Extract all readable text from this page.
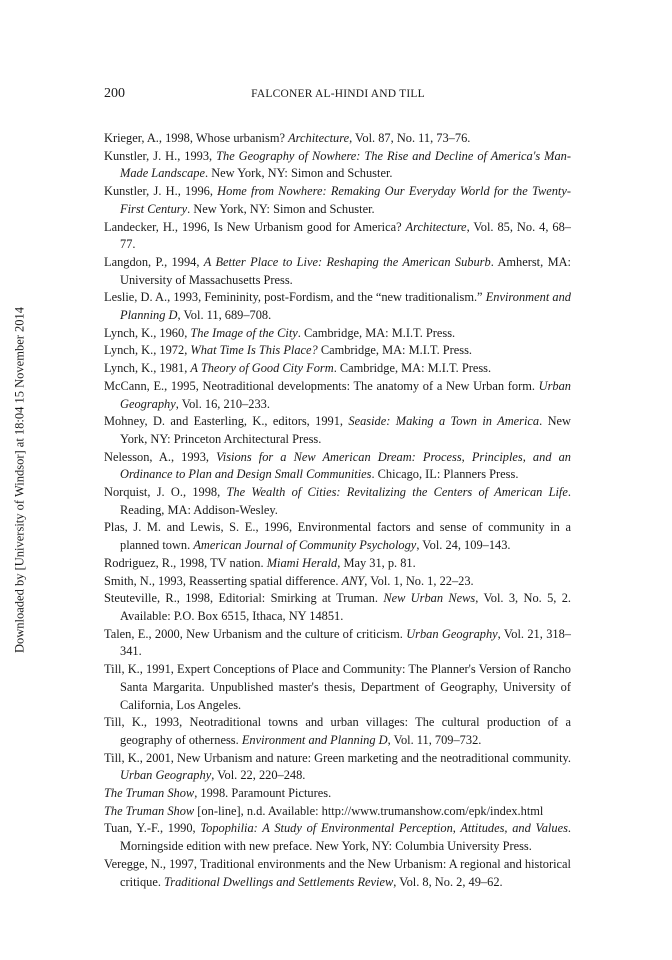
Downloaded by [University of Windsor] at 18:04 15 November 2014
200	FALCONER AL-HINDI AND TILL
Krieger, A., 1998, Whose urbanism? Architecture, Vol. 87, No. 11, 73–76.
Kunstler, J. H., 1993, The Geography of Nowhere: The Rise and Decline of America's Man-Made Landscape. New York, NY: Simon and Schuster.
Kunstler, J. H., 1996, Home from Nowhere: Remaking Our Everyday World for the Twenty-First Century. New York, NY: Simon and Schuster.
Landecker, H., 1996, Is New Urbanism good for America? Architecture, Vol. 85, No. 4, 68–77.
Langdon, P., 1994, A Better Place to Live: Reshaping the American Suburb. Amherst, MA: University of Massachusetts Press.
Leslie, D. A., 1993, Femininity, post-Fordism, and the “new traditionalism.” Environment and Planning D, Vol. 11, 689–708.
Lynch, K., 1960, The Image of the City. Cambridge, MA: M.I.T. Press.
Lynch, K., 1972, What Time Is This Place? Cambridge, MA: M.I.T. Press.
Lynch, K., 1981, A Theory of Good City Form. Cambridge, MA: M.I.T. Press.
McCann, E., 1995, Neotraditional developments: The anatomy of a New Urban form. Urban Geography, Vol. 16, 210–233.
Mohney, D. and Easterling, K., editors, 1991, Seaside: Making a Town in America. New York, NY: Princeton Architectural Press.
Nelesson, A., 1993, Visions for a New American Dream: Process, Principles, and an Ordinance to Plan and Design Small Communities. Chicago, IL: Planners Press.
Norquist, J. O., 1998, The Wealth of Cities: Revitalizing the Centers of American Life. Reading, MA: Addison-Wesley.
Plas, J. M. and Lewis, S. E., 1996, Environmental factors and sense of community in a planned town. American Journal of Community Psychology, Vol. 24, 109–143.
Rodriguez, R., 1998, TV nation. Miami Herald, May 31, p. 81.
Smith, N., 1993, Reasserting spatial difference. ANY, Vol. 1, No. 1, 22–23.
Steuteville, R., 1998, Editorial: Smirking at Truman. New Urban News, Vol. 3, No. 5, 2. Available: P.O. Box 6515, Ithaca, NY 14851.
Talen, E., 2000, New Urbanism and the culture of criticism. Urban Geography, Vol. 21, 318–341.
Till, K., 1991, Expert Conceptions of Place and Community: The Planner's Version of Rancho Santa Margarita. Unpublished master's thesis, Department of Geography, University of California, Los Angeles.
Till, K., 1993, Neotraditional towns and urban villages: The cultural production of a geography of otherness. Environment and Planning D, Vol. 11, 709–732.
Till, K., 2001, New Urbanism and nature: Green marketing and the neotraditional community. Urban Geography, Vol. 22, 220–248.
The Truman Show, 1998. Paramount Pictures.
The Truman Show [on-line], n.d. Available: http://www.trumanshow.com/epk/index.html
Tuan, Y.-F., 1990, Topophilia: A Study of Environmental Perception, Attitudes, and Values. Morningside edition with new preface. New York, NY: Columbia University Press.
Veregge, N., 1997, Traditional environments and the New Urbanism: A regional and historical critique. Traditional Dwellings and Settlements Review, Vol. 8, No. 2, 49–62.
